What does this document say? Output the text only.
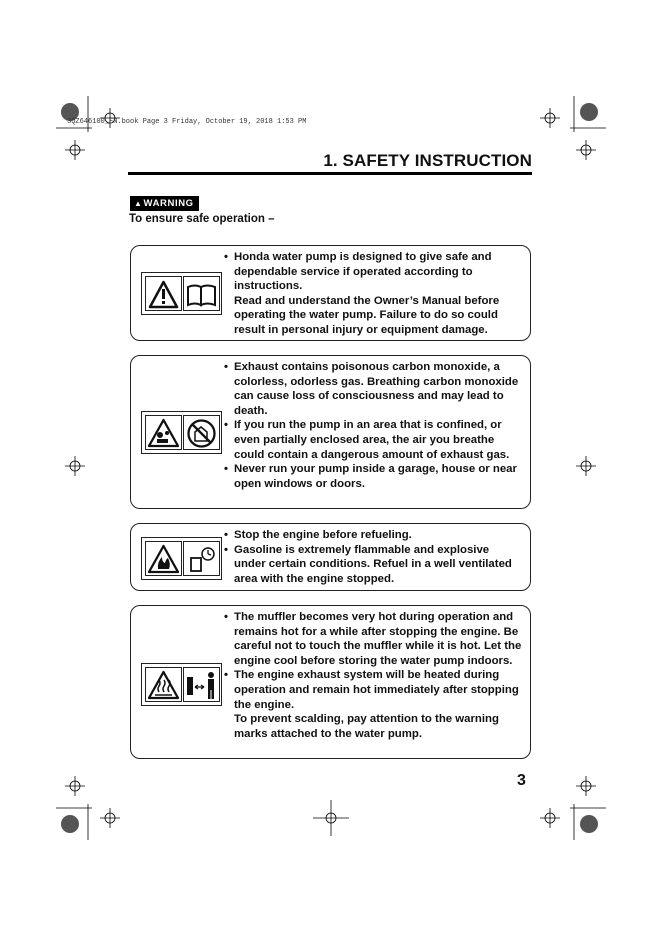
3QZ646100_EN.book Page 3 Friday, October 19, 2018 1:53 PM
1. SAFETY INSTRUCTION
▲WARNING
To ensure safe operation –
• Honda water pump is designed to give safe and dependable service if operated according to instructions.
Read and understand the Owner’s Manual before operating the water pump. Failure to do so could result in personal injury or equipment damage.
• Exhaust contains poisonous carbon monoxide, a colorless, odorless gas. Breathing carbon monoxide can cause loss of consciousness and may lead to death.
• If you run the pump in an area that is confined, or even partially enclosed area, the air you breathe could contain a dangerous amount of exhaust gas.
• Never run your pump inside a garage, house or near open windows or doors.
• Stop the engine before refueling.
• Gasoline is extremely flammable and explosive under certain conditions. Refuel in a well ventilated area with the engine stopped.
• The muffler becomes very hot during operation and remains hot for a while after stopping the engine. Be careful not to touch the muffler while it is hot. Let the engine cool before storing the water pump indoors.
• The engine exhaust system will be heated during operation and remain hot immediately after stopping the engine.
To prevent scalding, pay attention to the warning marks attached to the water pump.
3
